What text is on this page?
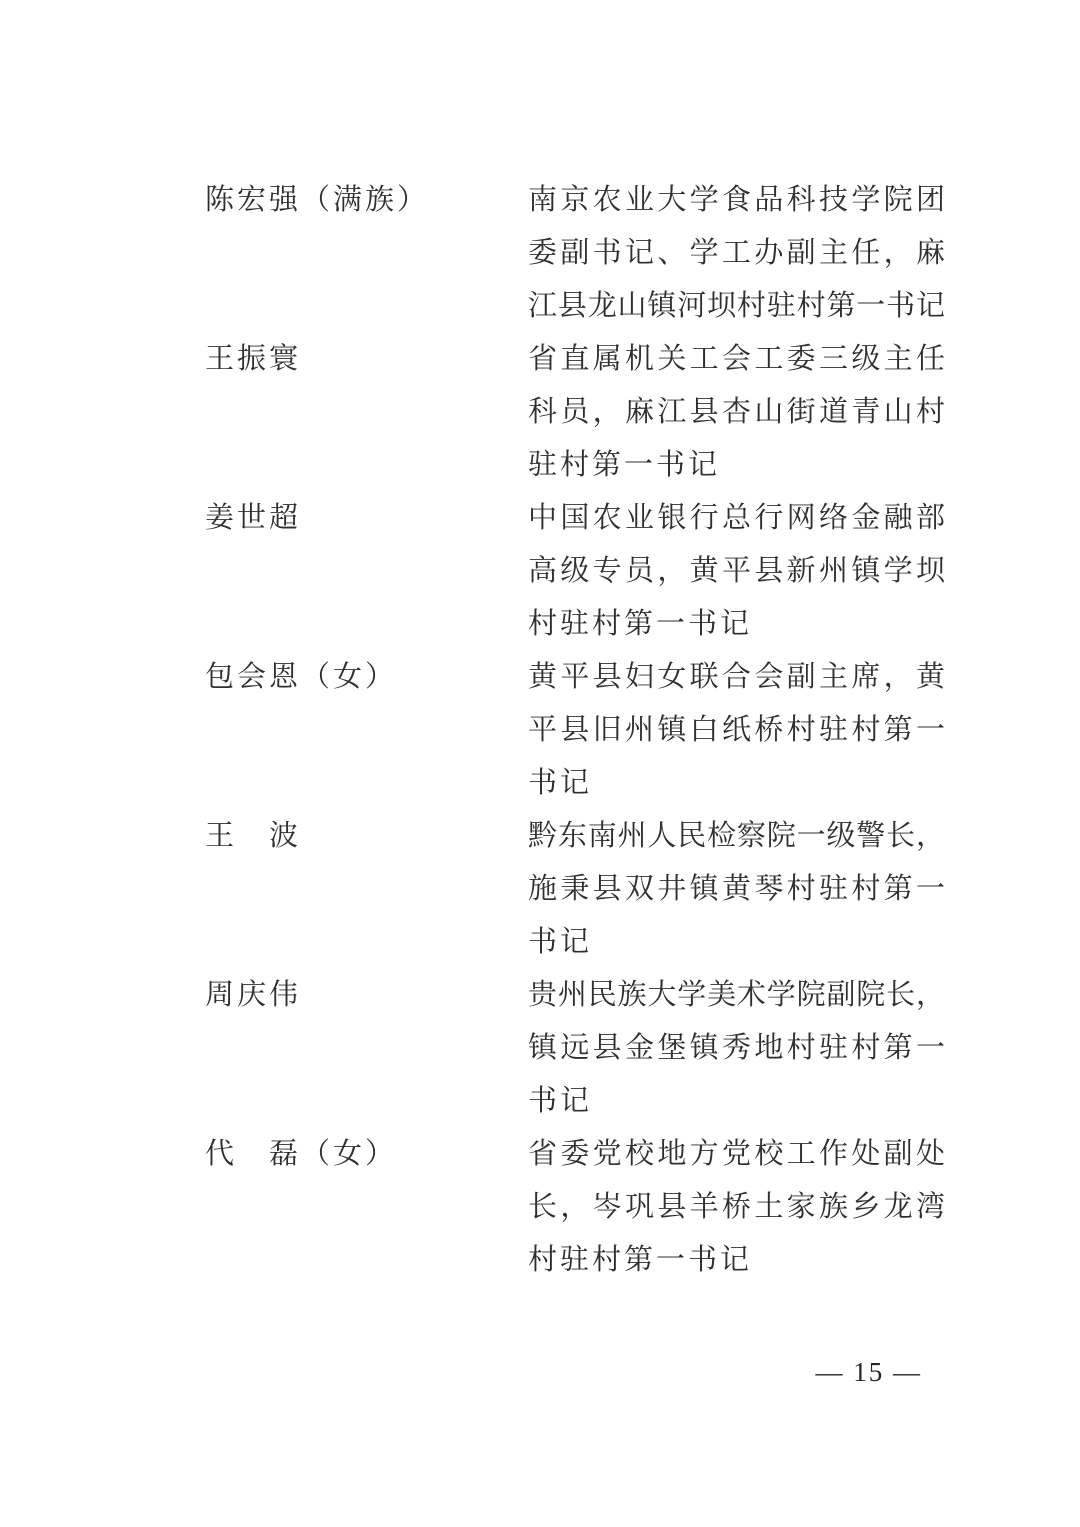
陈宏强（满族）	南京农业大学食品科技学院团
委副书记、学工办副主任，麻
江县龙山镇河坝村驻村第一书记
王振寰	省直属机关工会工委三级主任
科员，麻江县杏山街道青山村
驻村第一书记
姜世超	中国农业银行总行网络金融部
高级专员，黄平县新州镇学坝
村驻村第一书记
包会恩（女）	黄平县妇女联合会副主席，黄
平县旧州镇白纸桥村驻村第一
书记
王　波	黔东南州人民检察院一级警长，
施秉县双井镇黄琴村驻村第一
书记
周庆伟	贵州民族大学美术学院副院长，
镇远县金堡镇秀地村驻村第一
书记
代　磊（女）	省委党校地方党校工作处副处
长，岑巩县羊桥土家族乡龙湾
村驻村第一书记
— 15 —
